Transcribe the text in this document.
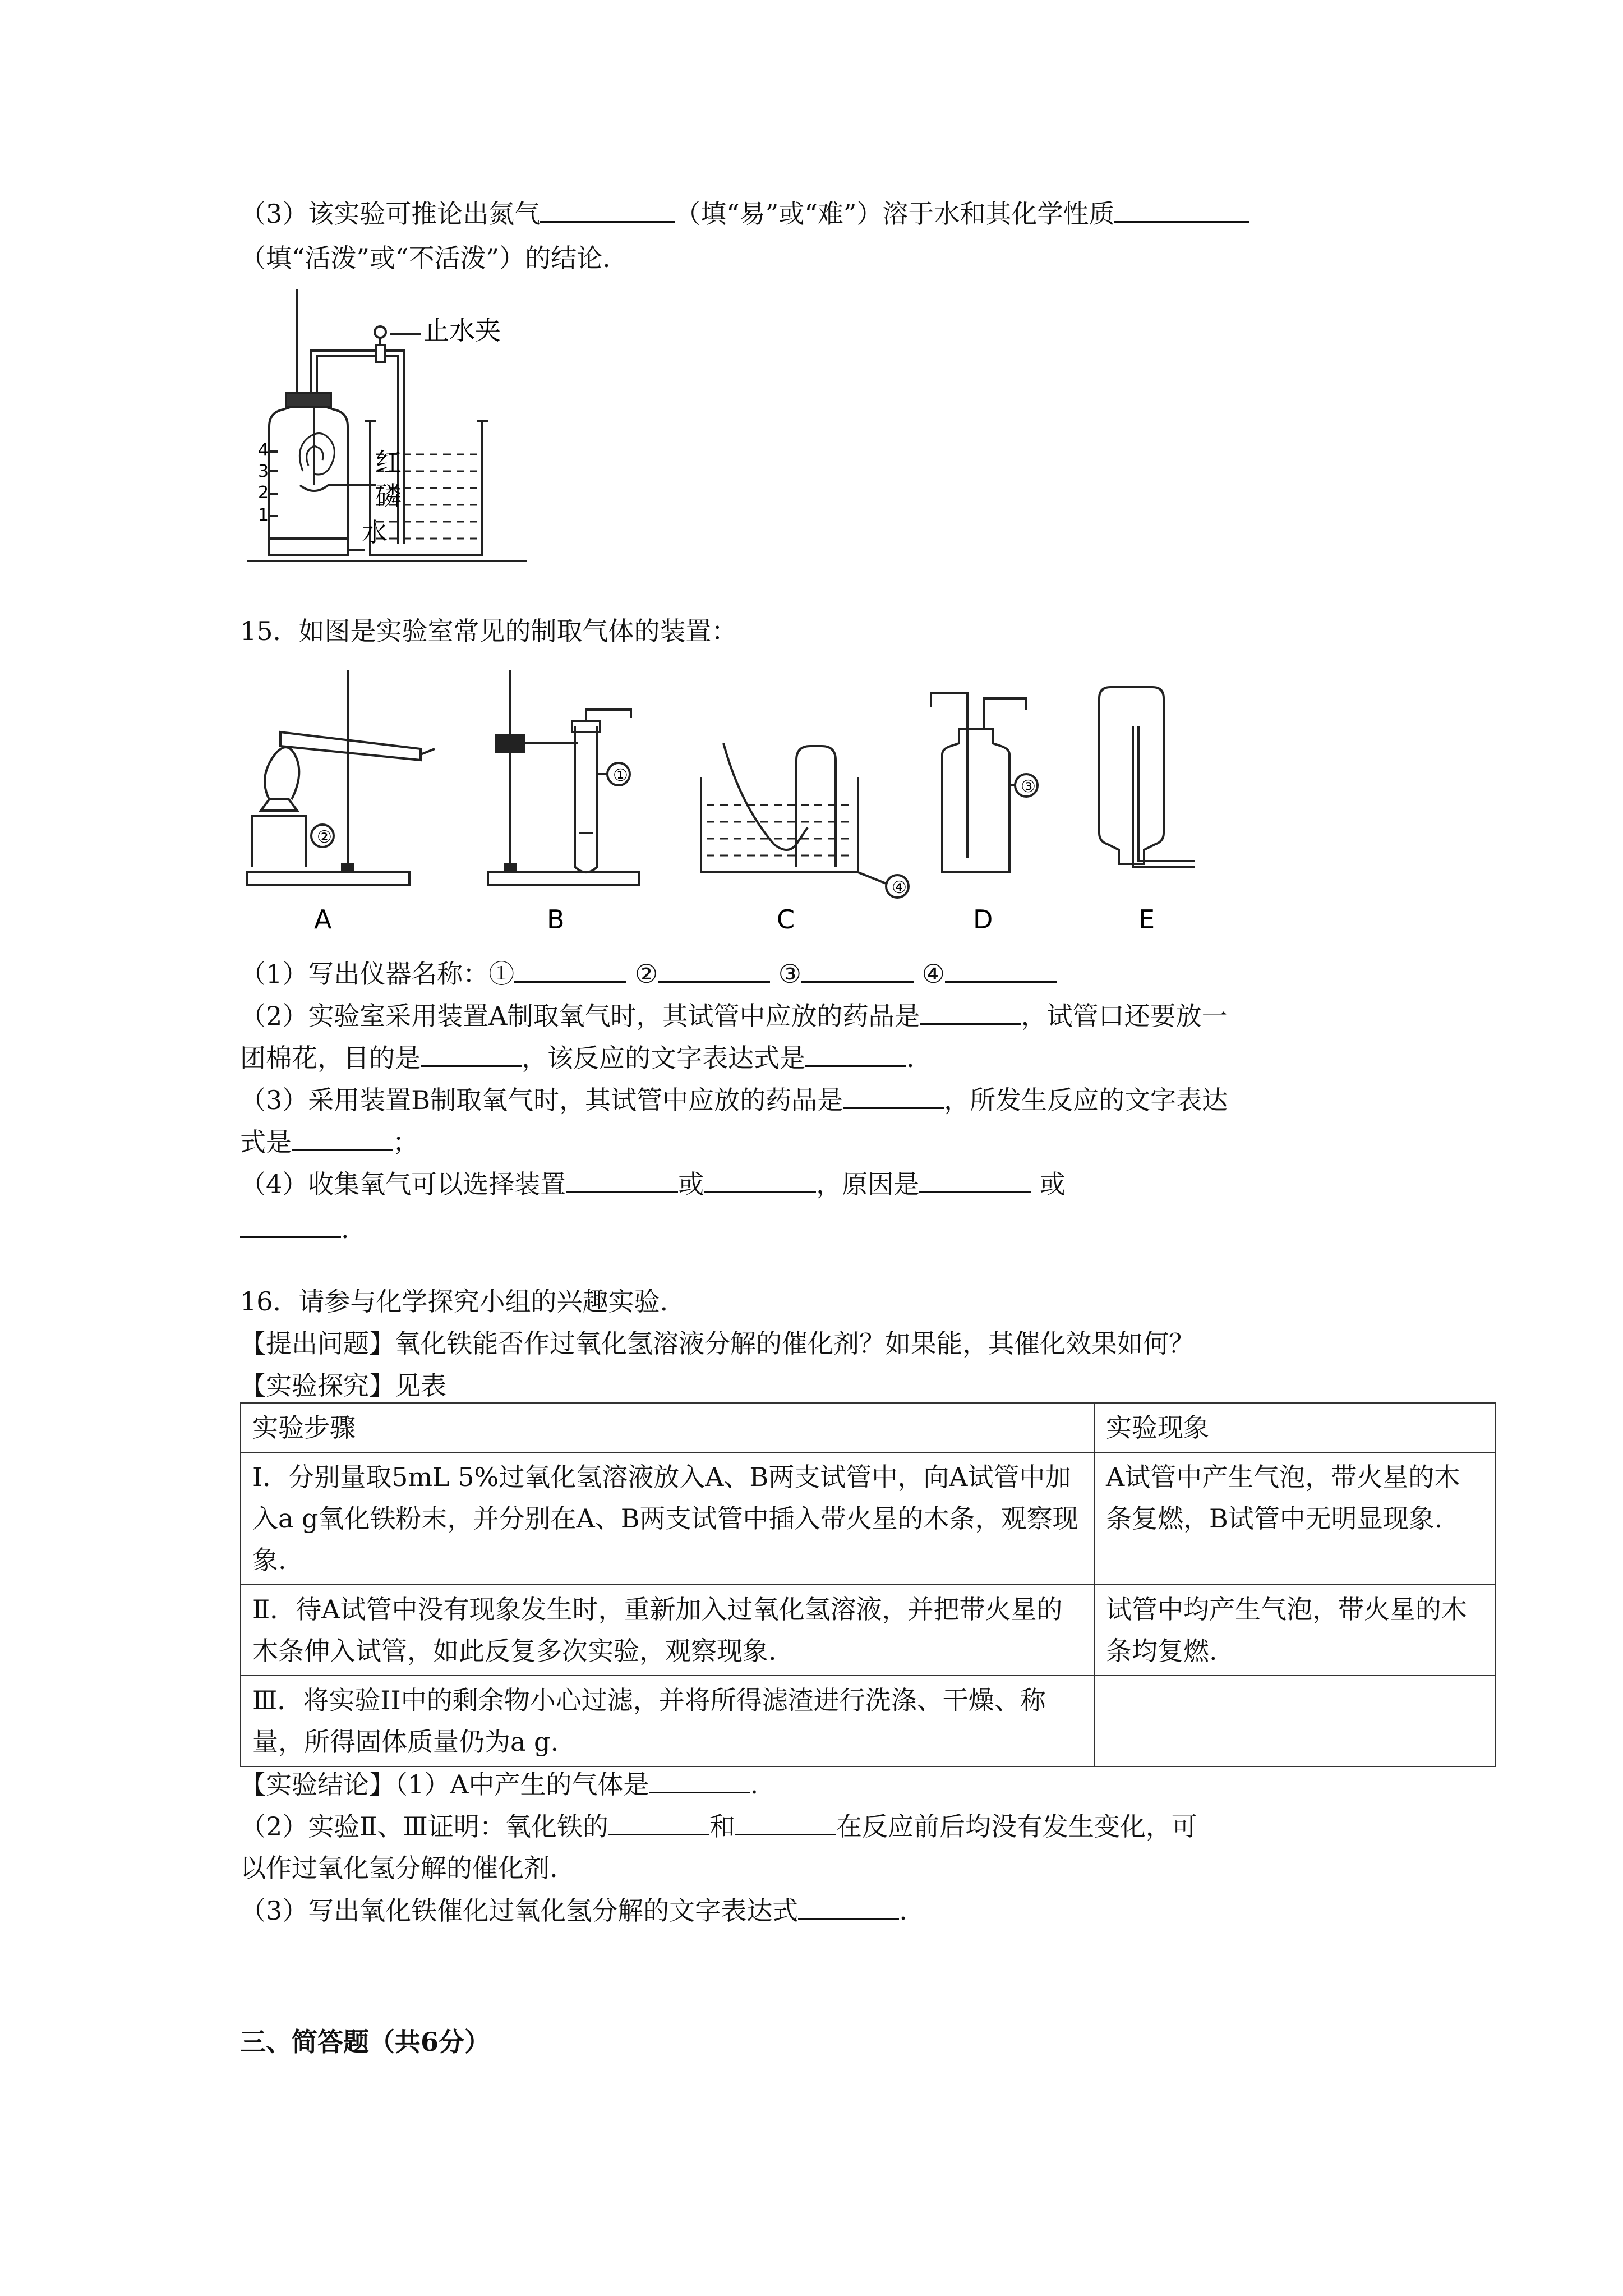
（3）该实验可推论出氮气	（填“易”或“难”）溶于水和其化学性质
（填“活泼”或“不活泼”）的结论.
4
3
2
1
止水夹
红
磷
水
15．如图是实验室常见的制取气体的装置：
②
①
③
④
A	B	C	D	E
（1）写出仪器名称：①	②	③	④
（2）实验室采用装置A制取氧气时，其试管中应放的药品是	，试管口还要放一
团棉花，目的是	，该反应的文字表达式是	.
（3）采用装置B制取氧气时，其试管中应放的药品是	，所发生反应的文字表达
式是	；
（4）收集氧气可以选择装置	或	，原因是	或
.
16．请参与化学探究小组的兴趣实验.
【提出问题】氧化铁能否作过氧化氢溶液分解的催化剂？如果能，其催化效果如何？
【实验探究】见表
实验步骤	实验现象
Ⅰ．分别量取5mL 5%过氧化氢溶液放入A、B两支试管中，向A试管中加入a g氧化铁粉末，并分别在A、B两支试管中插入带火星的木条，观察现象.	A试管中产生气泡，带火星的木条复燃，B试管中无明显现象.
Ⅱ．待A试管中没有现象发生时，重新加入过氧化氢溶液，并把带火星的木条伸入试管，如此反复多次实验，观察现象.	试管中均产生气泡，带火星的木条均复燃.
Ⅲ．将实验II中的剩余物小心过滤，并将所得滤渣进行洗涤、干燥、称量，所得固体质量仍为a g.	
【实验结论】（1）A中产生的气体是	.
（2）实验Ⅱ、Ⅲ证明：氧化铁的	和	在反应前后均没有发生变化，可
以作过氧化氢分解的催化剂.
（3）写出氧化铁催化过氧化氢分解的文字表达式	.
三、简答题（共6分）
